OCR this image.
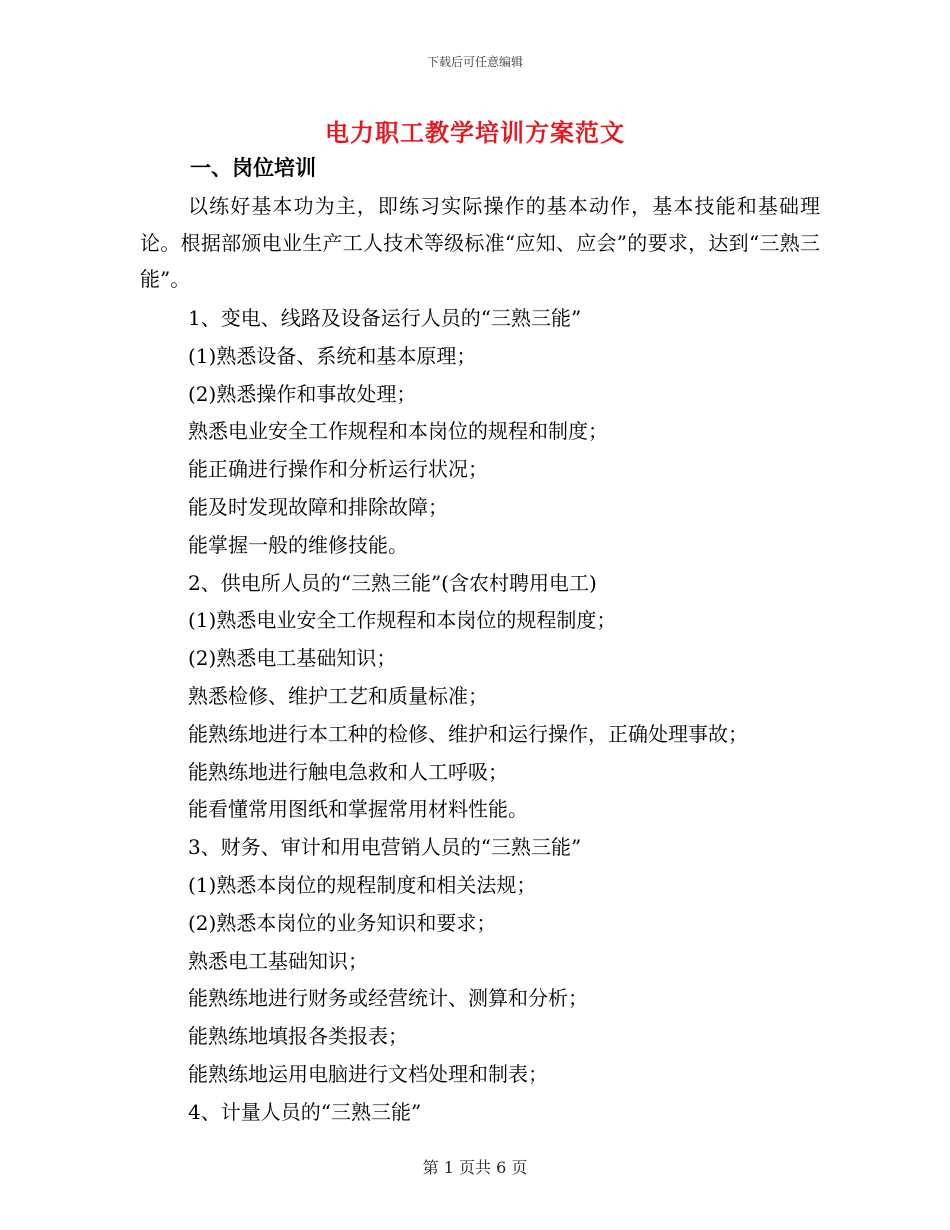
下载后可任意编辑
电力职工教学培训方案范文
一、岗位培训

以练好基本功为主，即练习实际操作的基本动作，基本技能和基础理论。根据部颁电业生产工人技术等级标准“应知、应会”的要求，达到“三熟三能”。

1、变电、线路及设备运行人员的“三熟三能”
(1)熟悉设备、系统和基本原理；
(2)熟悉操作和事故处理；
熟悉电业安全工作规程和本岗位的规程和制度；
能正确进行操作和分析运行状况；
能及时发现故障和排除故障；
能掌握一般的维修技能。
2、供电所人员的“三熟三能”(含农村聘用电工)
(1)熟悉电业安全工作规程和本岗位的规程制度；
(2)熟悉电工基础知识；
熟悉检修、维护工艺和质量标准；
能熟练地进行本工种的检修、维护和运行操作，正确处理事故；
能熟练地进行触电急救和人工呼吸；
能看懂常用图纸和掌握常用材料性能。
3、财务、审计和用电营销人员的“三熟三能”
(1)熟悉本岗位的规程制度和相关法规；
(2)熟悉本岗位的业务知识和要求；
熟悉电工基础知识；
能熟练地进行财务或经营统计、测算和分析；
能熟练地填报各类报表；
能熟练地运用电脑进行文档处理和制表；
4、计量人员的“三熟三能”
第 1 页共 6 页
